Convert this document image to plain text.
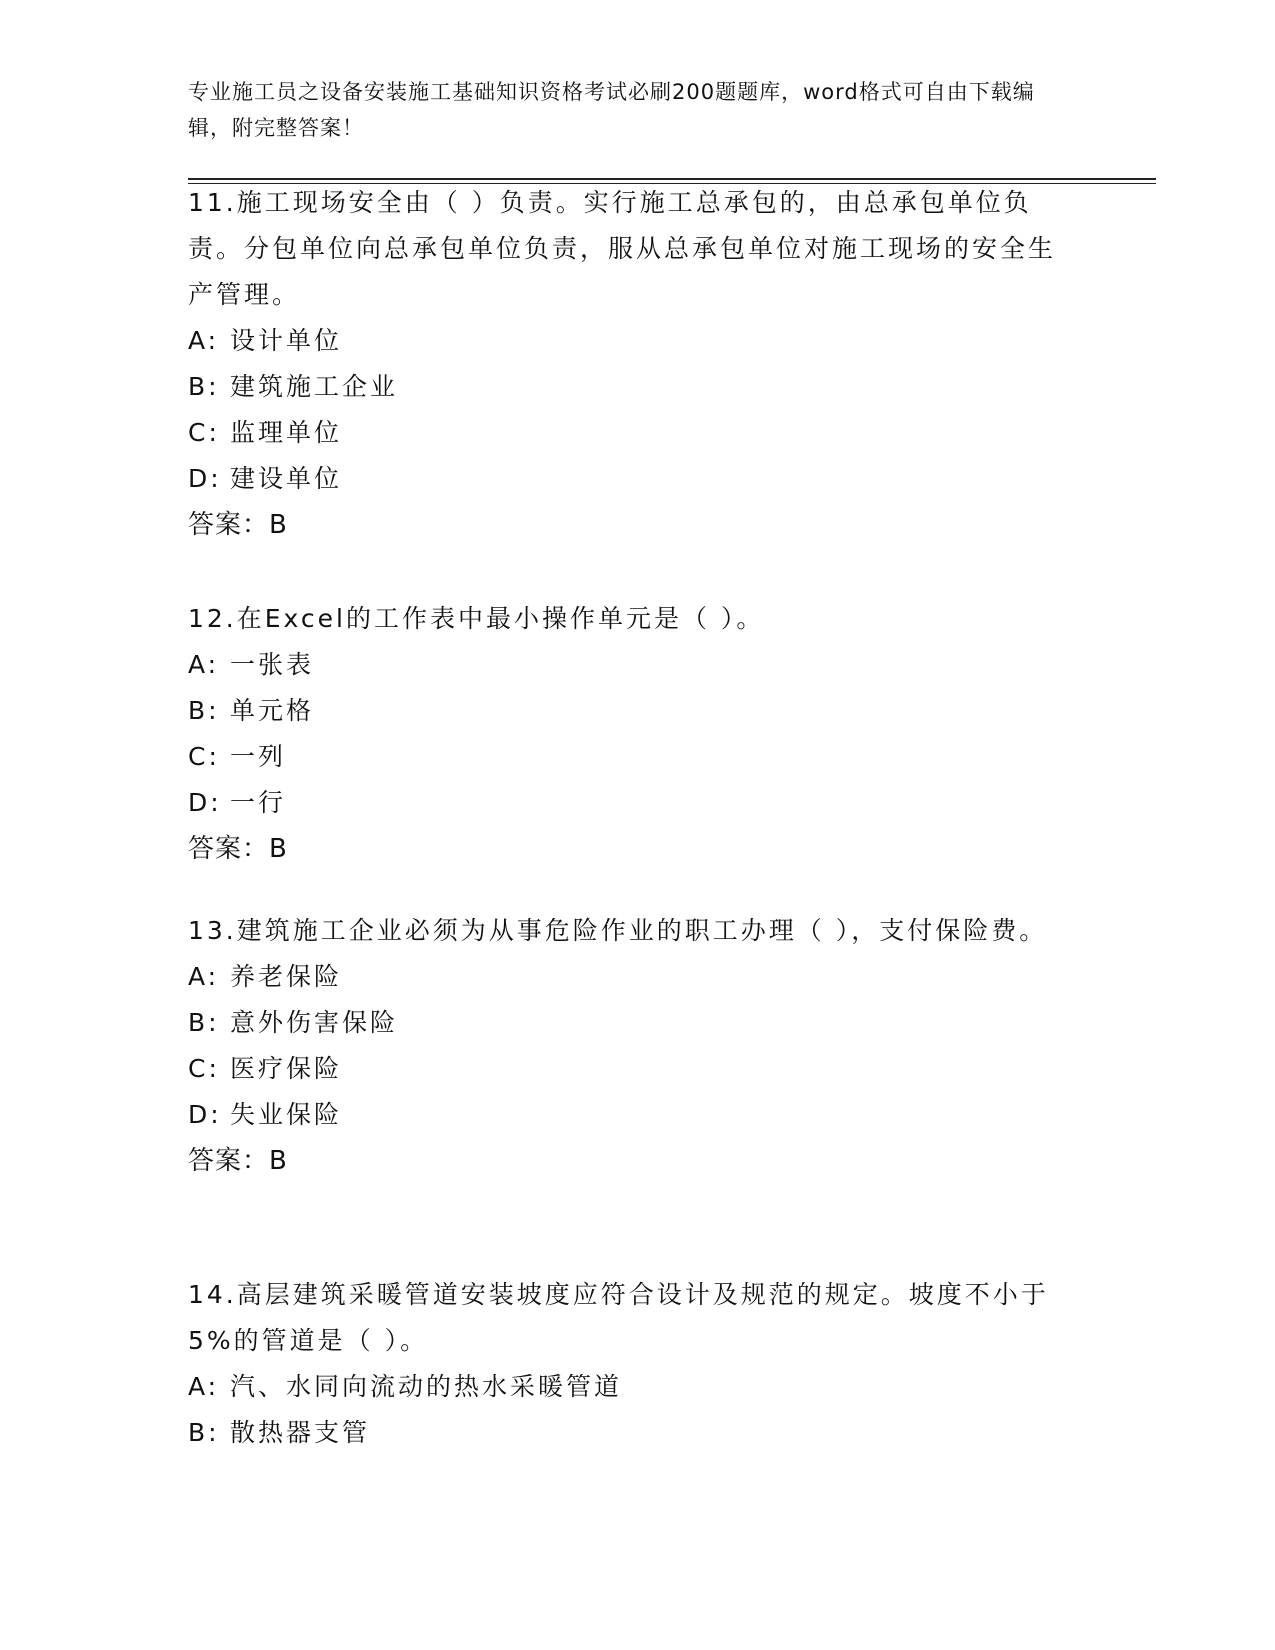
专业施工员之设备安装施工基础知识资格考试必刷200题题库，word格式可自由下载编辑，附完整答案！
11.施工现场安全由（ ）负责。实行施工总承包的，由总承包单位负责。分包单位向总承包单位负责，服从总承包单位对施工现场的安全生产管理。
A: 设计单位
B: 建筑施工企业
C: 监理单位
D: 建设单位
答案：B
12.在Excel的工作表中最小操作单元是（ ）。
A: 一张表
B: 单元格
C: 一列
D: 一行
答案：B
13.建筑施工企业必须为从事危险作业的职工办理（ ），支付保险费。
A: 养老保险
B: 意外伤害保险
C: 医疗保险
D: 失业保险
答案：B
14.高层建筑采暖管道安装坡度应符合设计及规范的规定。坡度不小于5%的管道是（ ）。
A: 汽、水同向流动的热水采暖管道
B: 散热器支管
